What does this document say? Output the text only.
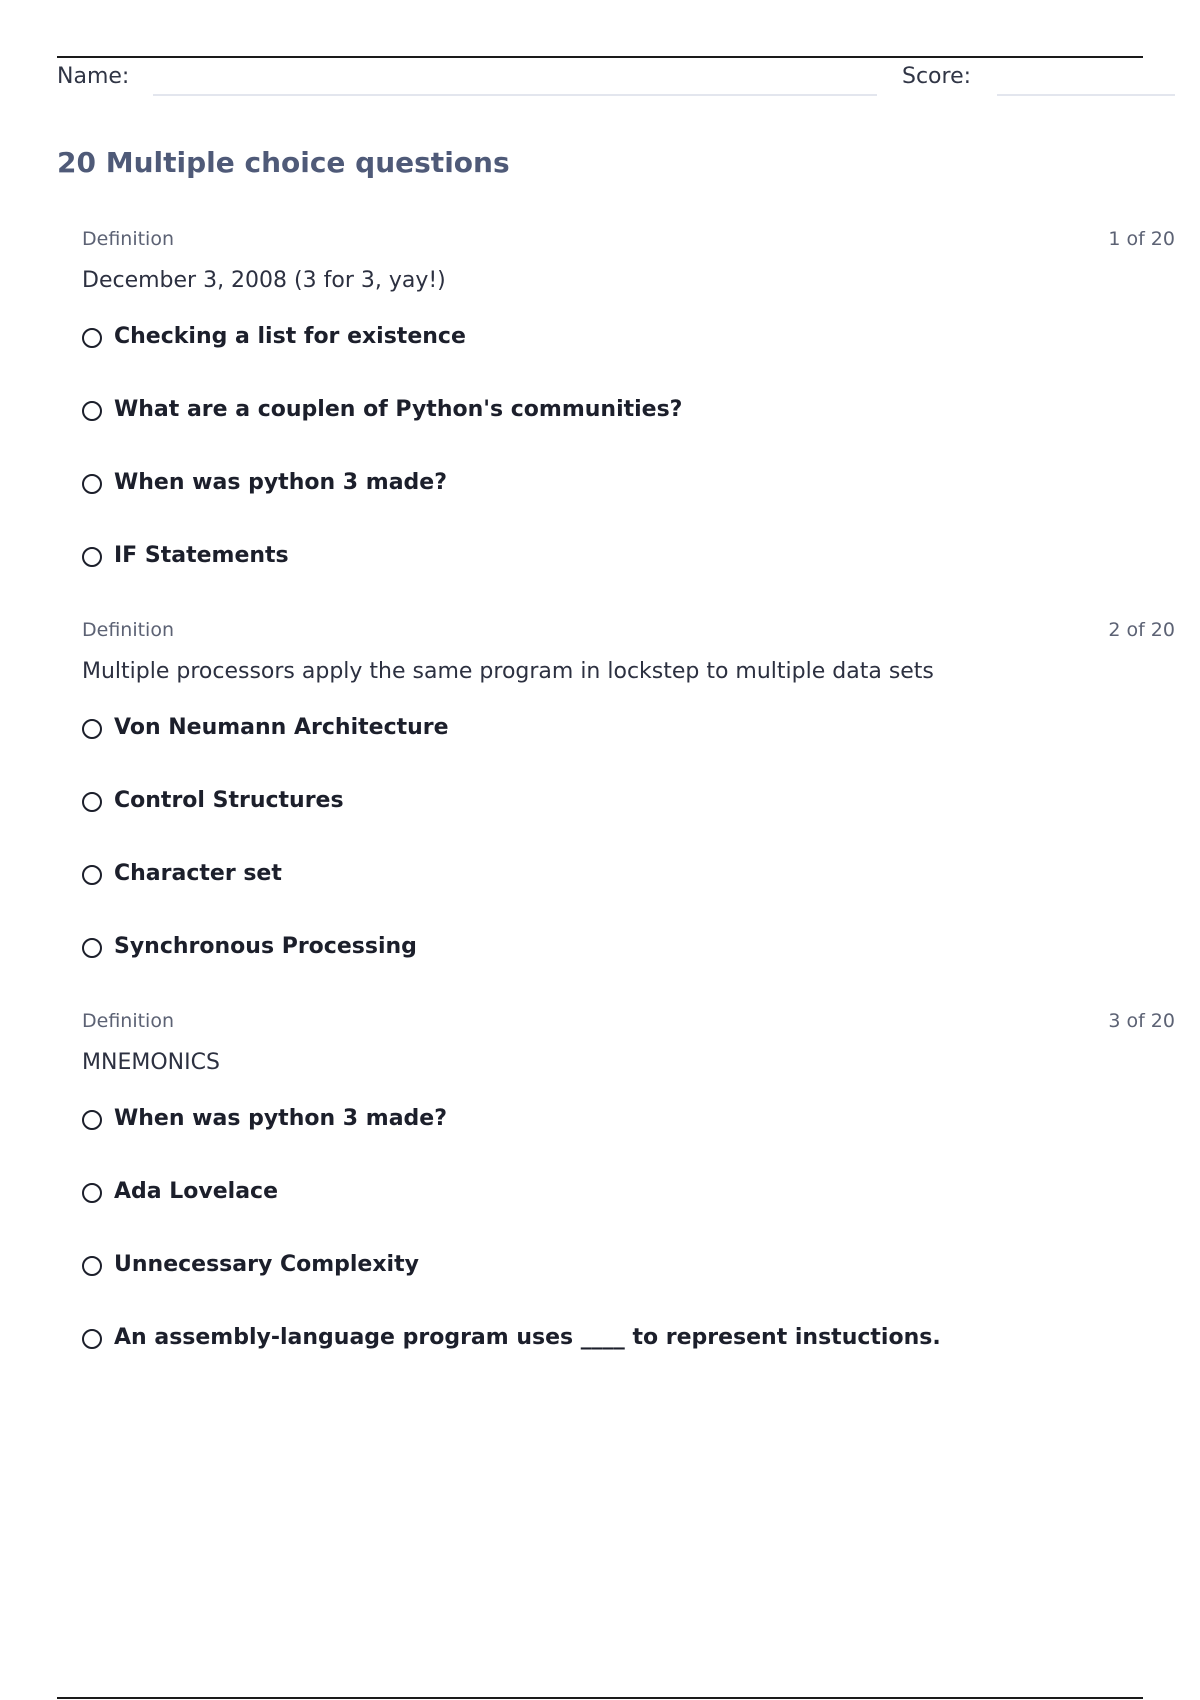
Name:	Score:
20 Multiple choice questions
Definition	1 of 20
December 3, 2008 (3 for 3, yay!)
Checking a list for existence
What are a couplen of Python's communities?
When was python 3 made?
IF Statements
Definition	2 of 20
Multiple processors apply the same program in lockstep to multiple data sets
Von Neumann Architecture
Control Structures
Character set
Synchronous Processing
Definition	3 of 20
MNEMONICS
When was python 3 made?
Ada Lovelace
Unnecessary Complexity
An assembly-language program uses ____ to represent instuctions.
